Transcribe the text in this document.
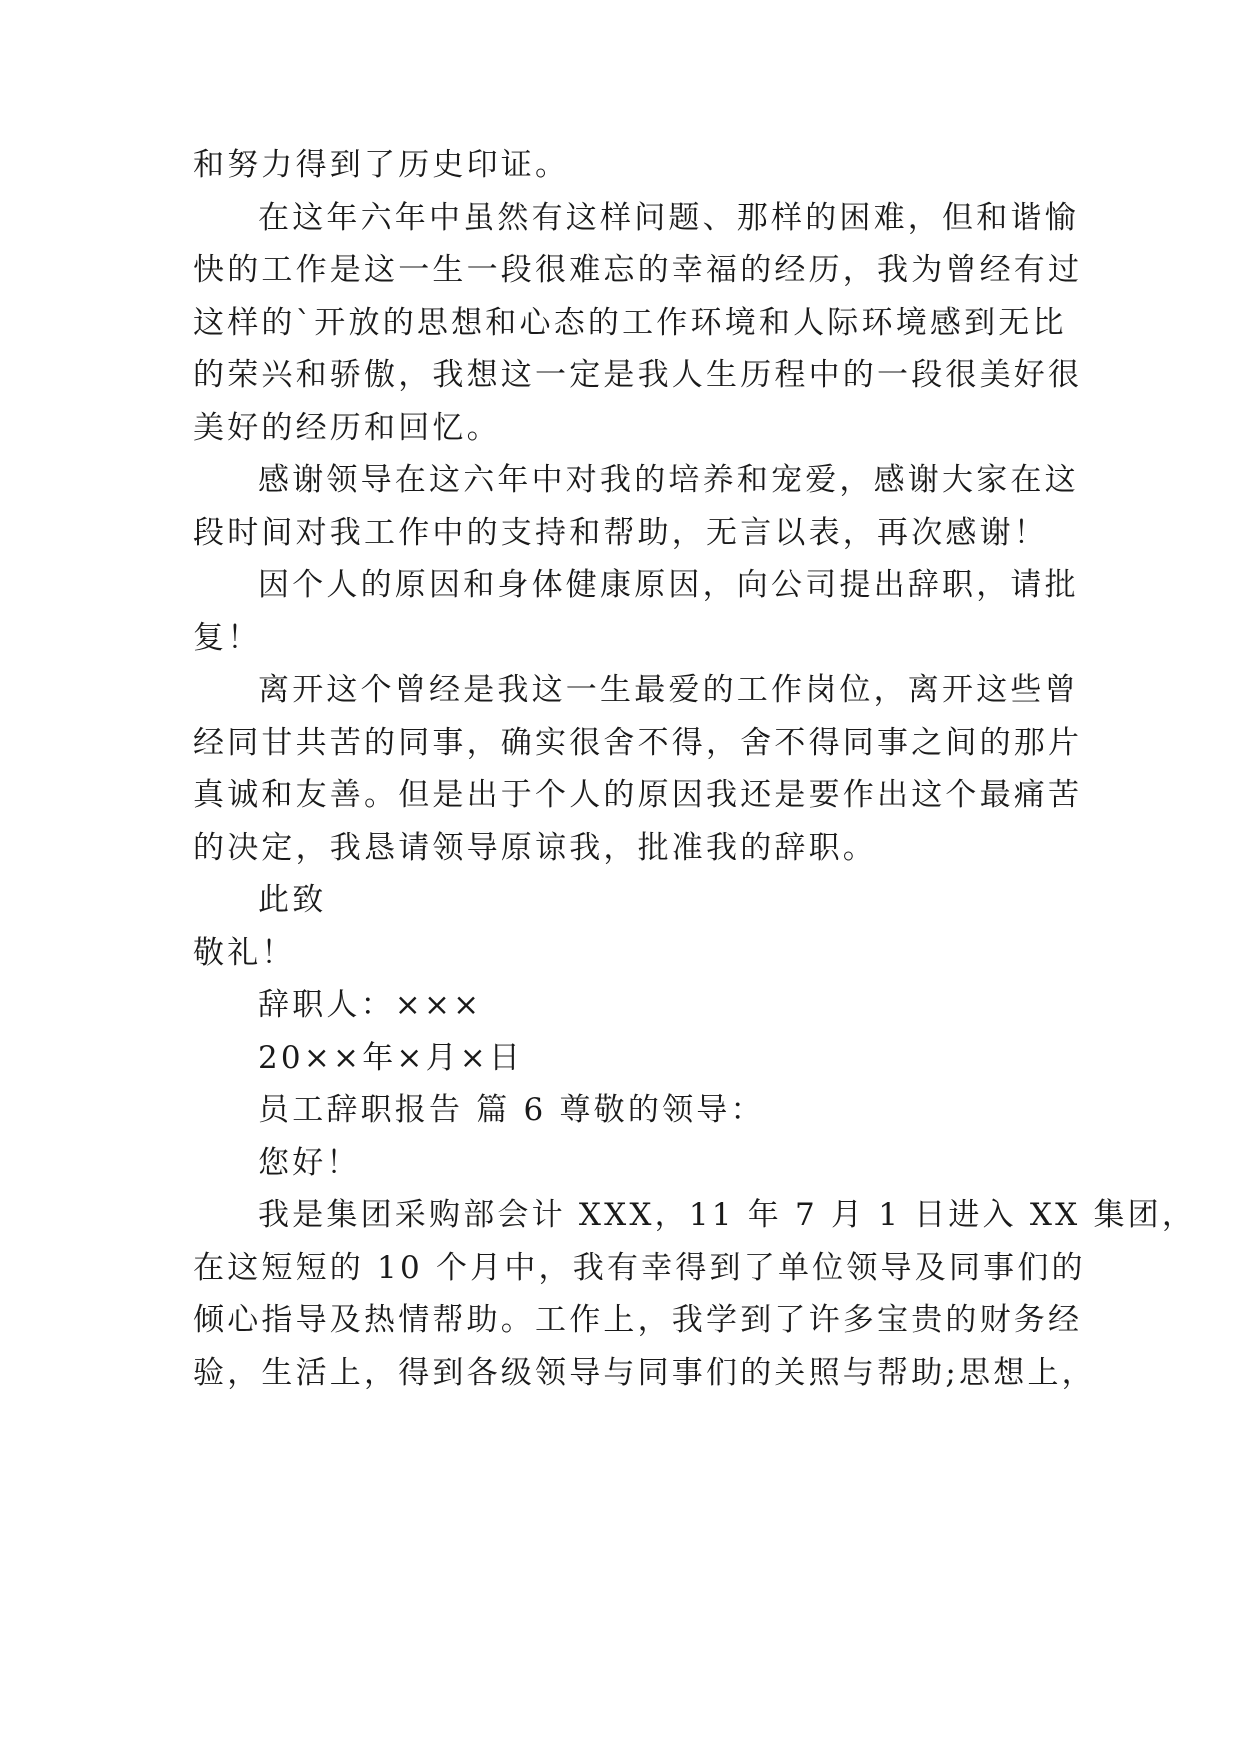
和努力得到了历史印证。
在这年六年中虽然有这样问题、那样的困难，但和谐愉
快的工作是这一生一段很难忘的幸福的经历，我为曾经有过
这样的`开放的思想和心态的工作环境和人际环境感到无比
的荣兴和骄傲，我想这一定是我人生历程中的一段很美好很
美好的经历和回忆。
感谢领导在这六年中对我的培养和宠爱，感谢大家在这
段时间对我工作中的支持和帮助，无言以表，再次感谢！
因个人的原因和身体健康原因，向公司提出辞职，请批
复！
离开这个曾经是我这一生最爱的工作岗位，离开这些曾
经同甘共苦的同事，确实很舍不得，舍不得同事之间的那片
真诚和友善。但是出于个人的原因我还是要作出这个最痛苦
的决定，我恳请领导原谅我，批准我的辞职。
此致
敬礼！
辞职人：×××
20××年×月×日
员工辞职报告 篇 6 尊敬的领导：
您好！
我是集团采购部会计 XXX，11 年 7 月 1 日进入 XX 集团，
在这短短的 10 个月中，我有幸得到了单位领导及同事们的
倾心指导及热情帮助。工作上，我学到了许多宝贵的财务经
验，生活上，得到各级领导与同事们的关照与帮助;思想上，
